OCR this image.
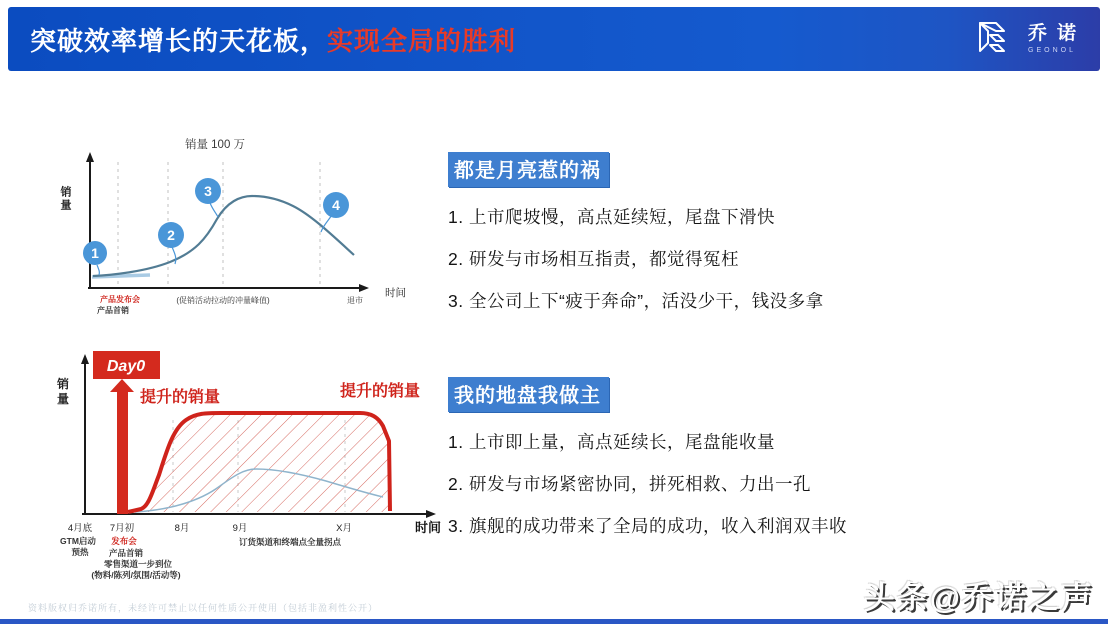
突破效率增长的天花板，实现全局的胜利	乔诺
GEONOL
销量 100 万
销量
时间
1
2
3
4
产品发布会
产品首销
(促销活动拉动的冲量峰值)	退市
销
量
时间
Day0
提升的销量	提升的销量
4月底 7月初	8月	9月	X月
GTM启动
预热
发布会
产品首销
零售渠道一步到位
(物料/陈列/氛围/活动等)
订货渠道和终端点全量拐点
都是月亮惹的祸
1. 上市爬坡慢，高点延续短，尾盘下滑快
2. 研发与市场相互指责，都觉得冤枉
3. 全公司上下“疲于奔命”，活没少干，钱没多拿
我的地盘我做主
1. 上市即上量，高点延续长，尾盘能收量
2. 研发与市场紧密协同，拼死相救、力出一孔
3. 旗舰的成功带来了全局的成功，收入利润双丰收
资料版权归乔诺所有，未经许可禁止以任何性质公开使用（包括非盈利性公开）	头条@乔诺之声
